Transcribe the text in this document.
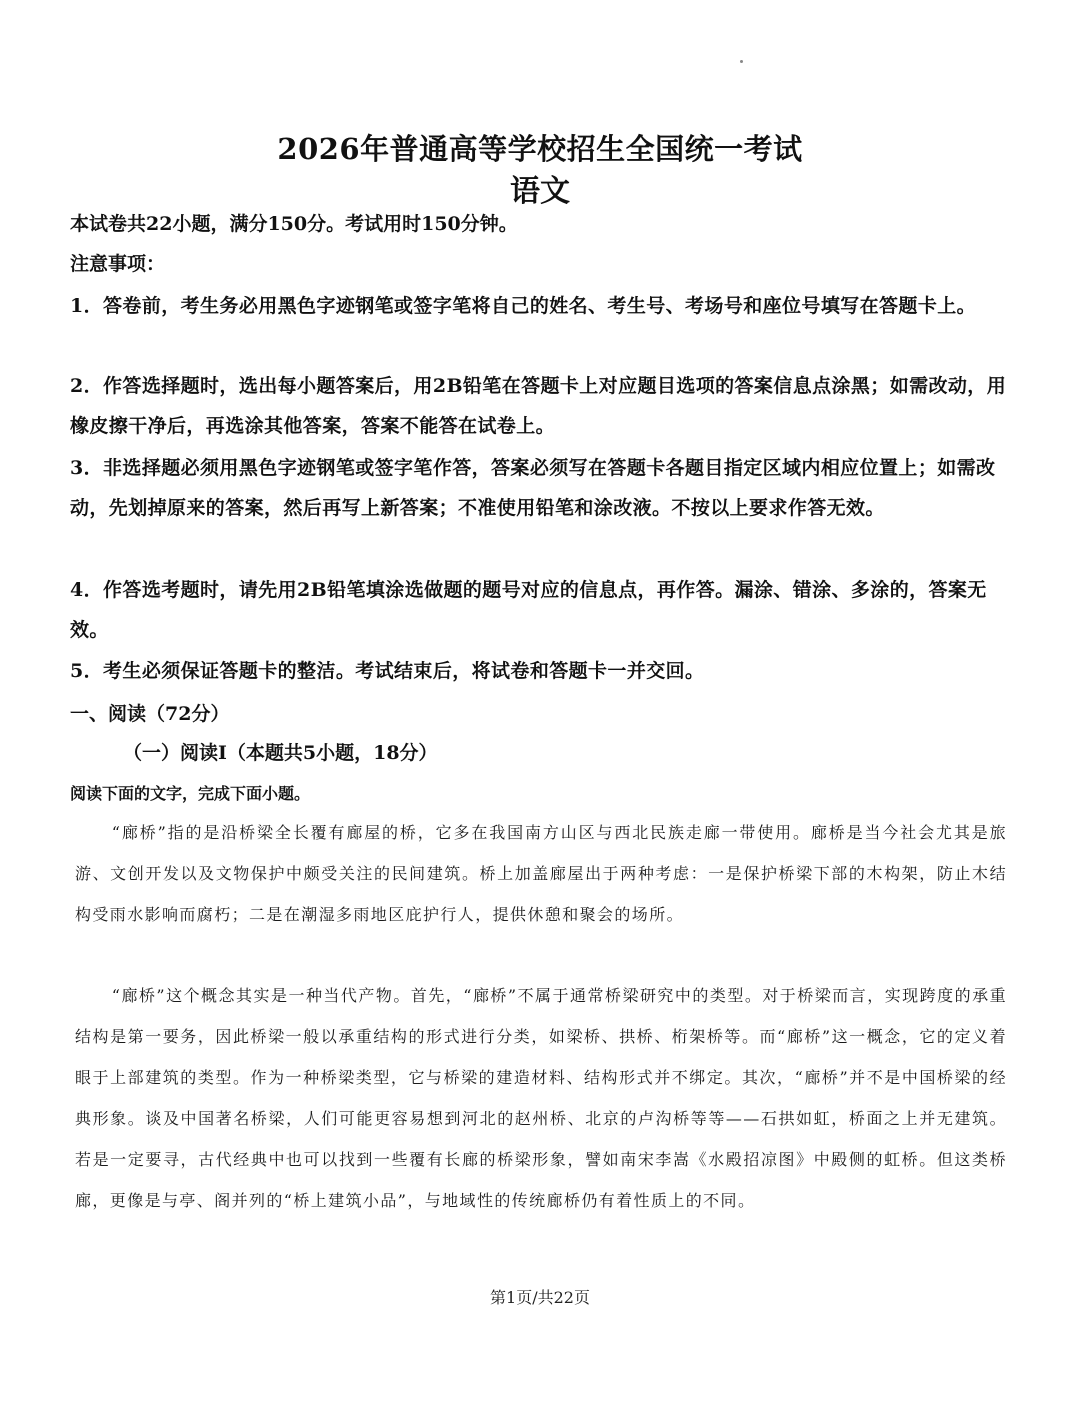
2026年普通高等学校招生全国统一考试
语文
本试卷共22小题，满分150分。考试用时150分钟。
注意事项：
1．答卷前，考生务必用黑色字迹钢笔或签字笔将自己的姓名、考生号、考场号和座位号填写在答题卡上。
2．作答选择题时，选出每小题答案后，用2B铅笔在答题卡上对应题目选项的答案信息点涂黑；如需改动，用橡皮擦干净后，再选涂其他答案，答案不能答在试卷上。
3．非选择题必须用黑色字迹钢笔或签字笔作答，答案必须写在答题卡各题目指定区域内相应位置上；如需改动，先划掉原来的答案，然后再写上新答案；不准使用铅笔和涂改液。不按以上要求作答无效。
4．作答选考题时，请先用2B铅笔填涂选做题的题号对应的信息点，再作答。漏涂、错涂、多涂的，答案无效。
5．考生必须保证答题卡的整洁。考试结束后，将试卷和答题卡一并交回。
一、阅读（72分）
（一）阅读Ⅰ（本题共5小题，18分）
阅读下面的文字，完成下面小题。
“廊桥”指的是沿桥梁全长覆有廊屋的桥，它多在我国南方山区与西北民族走廊一带使用。廊桥是当今社会尤其是旅游、文创开发以及文物保护中颇受关注的民间建筑。桥上加盖廊屋出于两种考虑：一是保护桥梁下部的木构架，防止木结构受雨水影响而腐朽；二是在潮湿多雨地区庇护行人，提供休憩和聚会的场所。
“廊桥”这个概念其实是一种当代产物。首先，“廊桥”不属于通常桥梁研究中的类型。对于桥梁而言，实现跨度的承重结构是第一要务，因此桥梁一般以承重结构的形式进行分类，如梁桥、拱桥、桁架桥等。而“廊桥”这一概念，它的定义着眼于上部建筑的类型。作为一种桥梁类型，它与桥梁的建造材料、结构形式并不绑定。其次，“廊桥”并不是中国桥梁的经典形象。谈及中国著名桥梁，人们可能更容易想到河北的赵州桥、北京的卢沟桥等等——石拱如虹，桥面之上并无建筑。若是一定要寻，古代经典中也可以找到一些覆有长廊的桥梁形象，譬如南宋李嵩《水殿招凉图》中殿侧的虹桥。但这类桥廊，更像是与亭、阁并列的“桥上建筑小品”，与地域性的传统廊桥仍有着性质上的不同。
第1页/共22页
